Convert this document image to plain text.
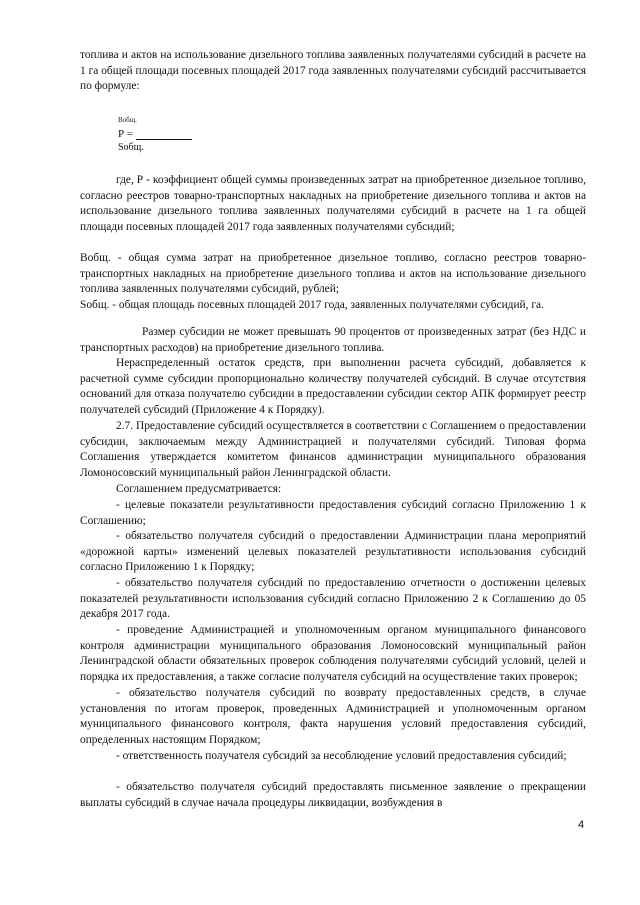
топлива и актов на использование дизельного топлива заявленных получателями субсидий в расчете на 1 га общей площади посевных площадей 2017 года заявленных получателями субсидий рассчитывается по формуле:

Вобщ.
Р =
Sобщ.

где, Р - коэффициент общей суммы произведенных затрат на приобретенное дизельное топливо, согласно реестров товарно-транспортных накладных на приобретение дизельного топлива и актов на использование дизельного топлива заявленных получателями субсидий в расчете на 1 га общей площади посевных площадей 2017 года заявленных получателями субсидий;

Вобщ. - общая сумма затрат на приобретенное дизельное топливо, согласно реестров товарно-транспортных накладных на приобретение дизельного топлива и актов на использование дизельного топлива заявленных получателями субсидий, рублей;

Sобщ. - общая площадь посевных площадей 2017 года, заявленных получателями субсидий, га.

Размер субсидии не может превышать 90 процентов от произведенных затрат (без НДС и транспортных расходов) на приобретение дизельного топлива.

Нераспределенный остаток средств, при выполнении расчета субсидий, добавляется к расчетной сумме субсидии пропорционально количеству получателей субсидий. В случае отсутствия оснований для отказа получателю субсидии в предоставлении субсидии сектор АПК формирует реестр получателей субсидий (Приложение 4 к Порядку).

2.7. Предоставление субсидий осуществляется в соответствии с Соглашением о предоставлении субсидии, заключаемым между Администрацией и получателями субсидий. Типовая форма Соглашения утверждается комитетом финансов администрации муниципального образования Ломоносовский муниципальный район Ленинградской области.

Соглашением предусматривается:

- целевые показатели результативности предоставления субсидий согласно Приложению 1 к Соглашению;

- обязательство получателя субсидий о предоставлении Администрации плана мероприятий «дорожной карты» изменений целевых показателей результативности использования субсидий согласно Приложению 1 к Порядку;

- обязательство получателя субсидий по предоставлению отчетности о достижении целевых показателей результативности использования субсидий согласно Приложению 2 к Соглашению до 05 декабря 2017 года.

- проведение Администрацией и уполномоченным органом муниципального финансового контроля администрации муниципального образования Ломоносовский муниципальный район Ленинградской области обязательных проверок соблюдения получателями субсидий условий, целей и порядка их предоставления, а также согласие получателя субсидий на осуществление таких проверок;

- обязательство получателя субсидий по возврату предоставленных средств, в случае установления по итогам проверок, проведенных Администрацией и уполномоченным органом муниципального финансового контроля, факта нарушения условий предоставления субсидий, определенных настоящим Порядком;

- ответственность получателя субсидий за несоблюдение условий предоставления субсидий;

- обязательство получателя субсидий предоставлять письменное заявление о прекращении выплаты субсидий в случае начала процедуры ликвидации, возбуждения в

4
